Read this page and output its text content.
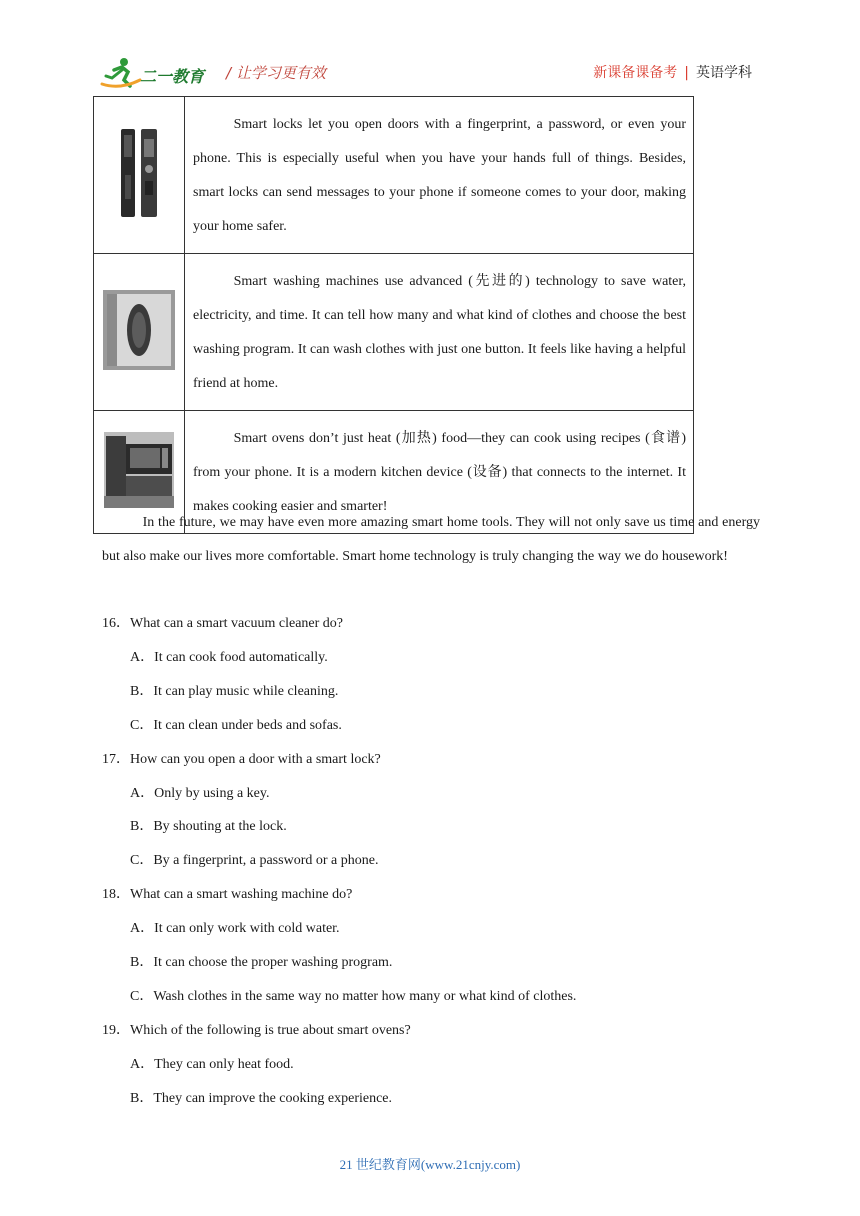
二一教育 / 让学习更有效	新课备课备考 | 英语学科
	Smart locks let you open doors with a fingerprint, a password, or even your phone. This is especially useful when you have your hands full of things. Besides, smart locks can send messages to your phone if someone comes to your door, making your home safer.
	Smart washing machines use advanced (先进的) technology to save water, electricity, and time. It can tell how many and what kind of clothes and choose the best washing program. It can wash clothes with just one button. It feels like having a helpful friend at home.
	Smart ovens don’t just heat (加热) food—they can cook using recipes (食谱) from your phone. It is a modern kitchen device (设备) that connects to the internet. It makes cooking easier and smarter!

In the future, we may have even more amazing smart home tools. They will not only save us time and energy but also make our lives more comfortable. Smart home technology is truly changing the way we do housework!

16．What can a smart vacuum cleaner do?

A．It can cook food automatically.

B．It can play music while cleaning.

C．It can clean under beds and sofas.

17．How can you open a door with a smart lock?

A．Only by using a key.

B．By shouting at the lock.

C．By a fingerprint, a password or a phone.

18．What can a smart washing machine do?

A．It can only work with cold water.

B．It can choose the proper washing program.

C．Wash clothes in the same way no matter how many or what kind of clothes.

19．Which of the following is true about smart ovens?

A．They can only heat food.

B．They can improve the cooking experience.

21 世纪教育网(www.21cnjy.com)
